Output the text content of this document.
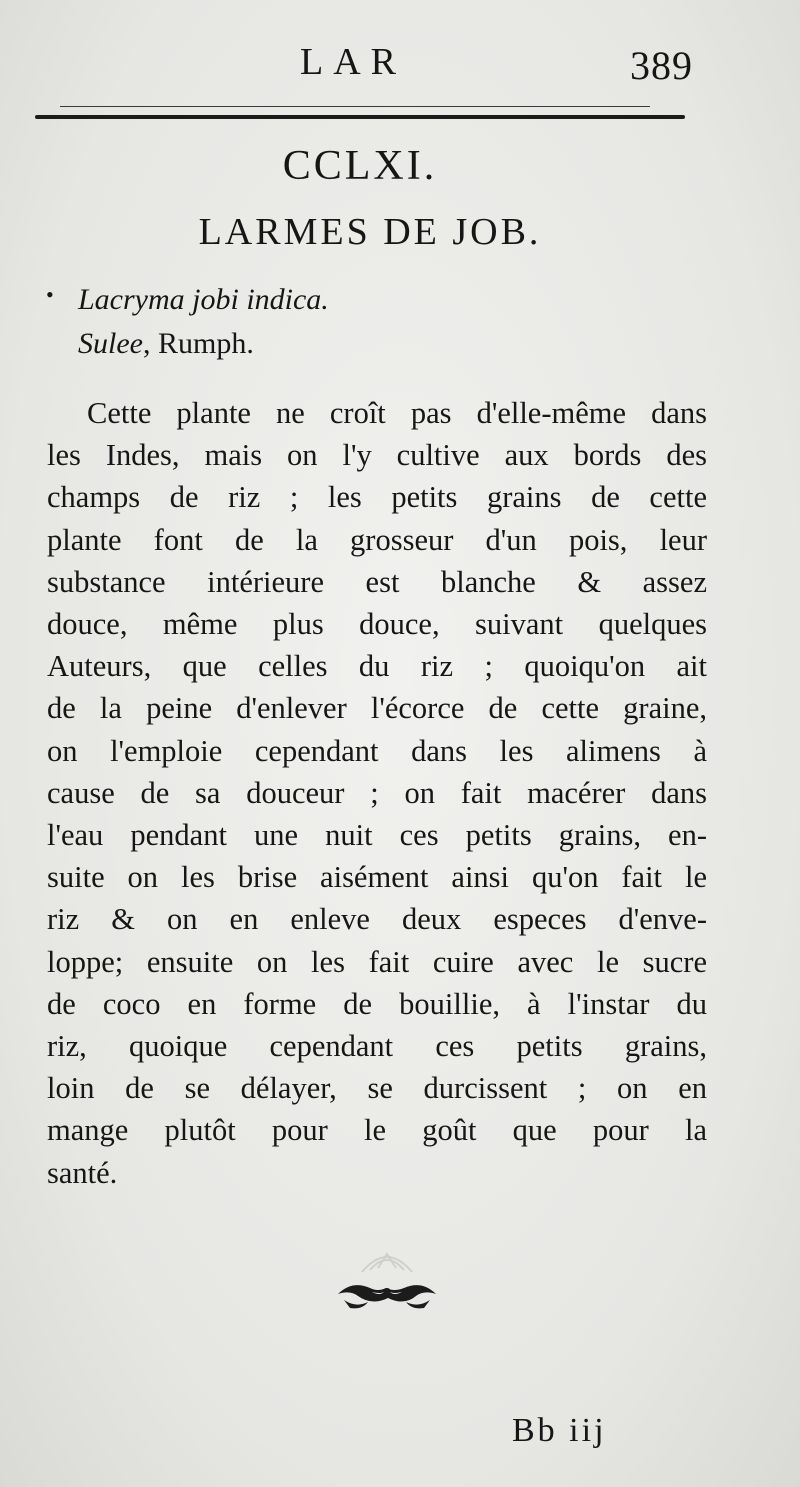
LAR	389
CCLXI.
LARMES DE JOB.
• Lacryma jobi indica.
Sulee, Rumph.
Cette plante ne croît pas d'elle-même dans
les Indes, mais on l'y cultive aux bords des
champs de riz ; les petits grains de cette
plante font de la grosseur d'un pois, leur
substance intérieure est blanche & assez
douce, même plus douce, suivant quelques
Auteurs, que celles du riz ; quoiqu'on ait
de la peine d'enlever l'écorce de cette graine,
on l'emploie cependant dans les alimens à
cause de sa douceur ; on fait macérer dans
l'eau pendant une nuit ces petits grains, en-
suite on les brise aisément ainsi qu'on fait le
riz & on en enleve deux especes d'enve-
loppe; ensuite on les fait cuire avec le sucre
de coco en forme de bouillie, à l'instar du
riz, quoique cependant ces petits grains,
loin de se délayer, se durcissent ; on en
mange plutôt pour le goût que pour la
santé.
Bb iij
